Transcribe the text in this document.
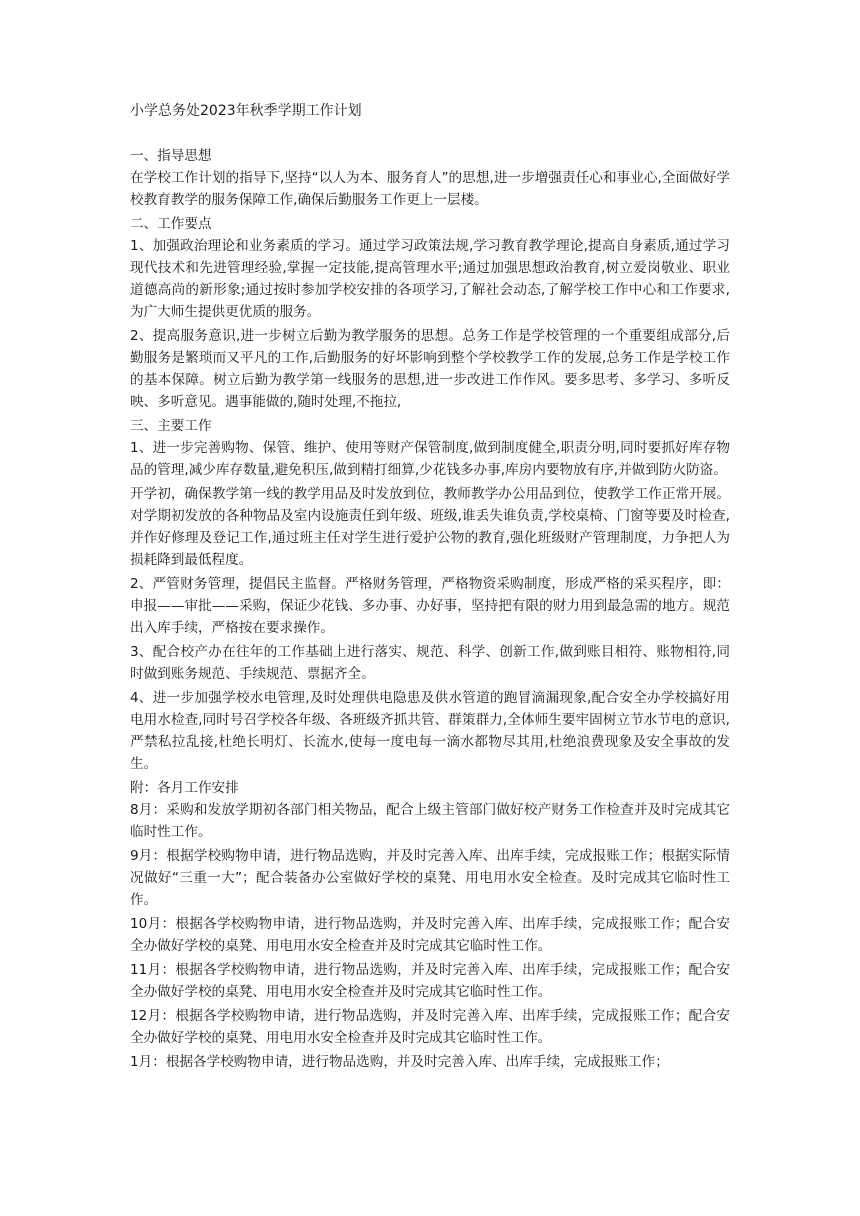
小学总务处2023年秋季学期工作计划

一、指导思想

在学校工作计划的指导下,坚持“以人为本、服务育人”的思想,进一步增强责任心和事业心,全面做好学校教育教学的服务保障工作,确保后勤服务工作更上一层楼。

二、工作要点

1、加强政治理论和业务素质的学习。通过学习政策法规,学习教育教学理论,提高自身素质,通过学习现代技术和先进管理经验,掌握一定技能,提高管理水平;通过加强思想政治教育,树立爱岗敬业、职业道德高尚的新形象;通过按时参加学校安排的各项学习,了解社会动态,了解学校工作中心和工作要求,为广大师生提供更优质的服务。

2、提高服务意识,进一步树立后勤为教学服务的思想。总务工作是学校管理的一个重要组成部分,后勤服务是繁琐而又平凡的工作,后勤服务的好坏影响到整个学校教学工作的发展,总务工作是学校工作的基本保障。树立后勤为教学第一线服务的思想,进一步改进工作作风。要多思考、多学习、多听反映、多听意见。遇事能做的,随时处理,不拖拉,

三、主要工作

1、进一步完善购物、保管、维护、使用等财产保管制度,做到制度健全,职责分明,同时要抓好库存物品的管理,减少库存数量,避免积压,做到精打细算,少花钱多办事,库房内要物放有序,并做到防火防盗。

开学初，确保教学第一线的教学用品及时发放到位，教师教学办公用品到位，使教学工作正常开展。对学期初发放的各种物品及室内设施责任到年级、班级,谁丢失谁负责,学校桌椅、门窗等要及时检查,并作好修理及登记工作,通过班主任对学生进行爱护公物的教育,强化班级财产管理制度，力争把人为损耗降到最低程度。

2、严管财务管理，提倡民主监督。严格财务管理，严格物资采购制度，形成严格的采买程序，即：申报——审批——采购，保证少花钱、多办事、办好事，坚持把有限的财力用到最急需的地方。规范出入库手续，严格按在要求操作。

3、配合校产办在往年的工作基础上进行落实、规范、科学、创新工作,做到账目相符、账物相符,同时做到账务规范、手续规范、票据齐全。

4、进一步加强学校水电管理,及时处理供电隐患及供水管道的跑冒滴漏现象,配合安全办学校搞好用电用水检查,同时号召学校各年级、各班级齐抓共管、群策群力,全体师生要牢固树立节水节电的意识,严禁私拉乱接,杜绝长明灯、长流水,使每一度电每一滴水都物尽其用,杜绝浪费现象及安全事故的发生。

附：各月工作安排

8月：采购和发放学期初各部门相关物品，配合上级主管部门做好校产财务工作检查并及时完成其它临时性工作。

9月：根据学校购物申请，进行物品选购，并及时完善入库、出库手续，完成报账工作；根据实际情况做好“三重一大”；配合装备办公室做好学校的桌凳、用电用水安全检查。及时完成其它临时性工作。

10月：根据各学校购物申请，进行物品选购，并及时完善入库、出库手续，完成报账工作；配合安全办做好学校的桌凳、用电用水安全检查并及时完成其它临时性工作。

11月：根据各学校购物申请，进行物品选购，并及时完善入库、出库手续，完成报账工作；配合安全办做好学校的桌凳、用电用水安全检查并及时完成其它临时性工作。

12月：根据各学校购物申请，进行物品选购，并及时完善入库、出库手续，完成报账工作；配合安全办做好学校的桌凳、用电用水安全检查并及时完成其它临时性工作。

1月：根据各学校购物申请，进行物品选购，并及时完善入库、出库手续，完成报账工作；
